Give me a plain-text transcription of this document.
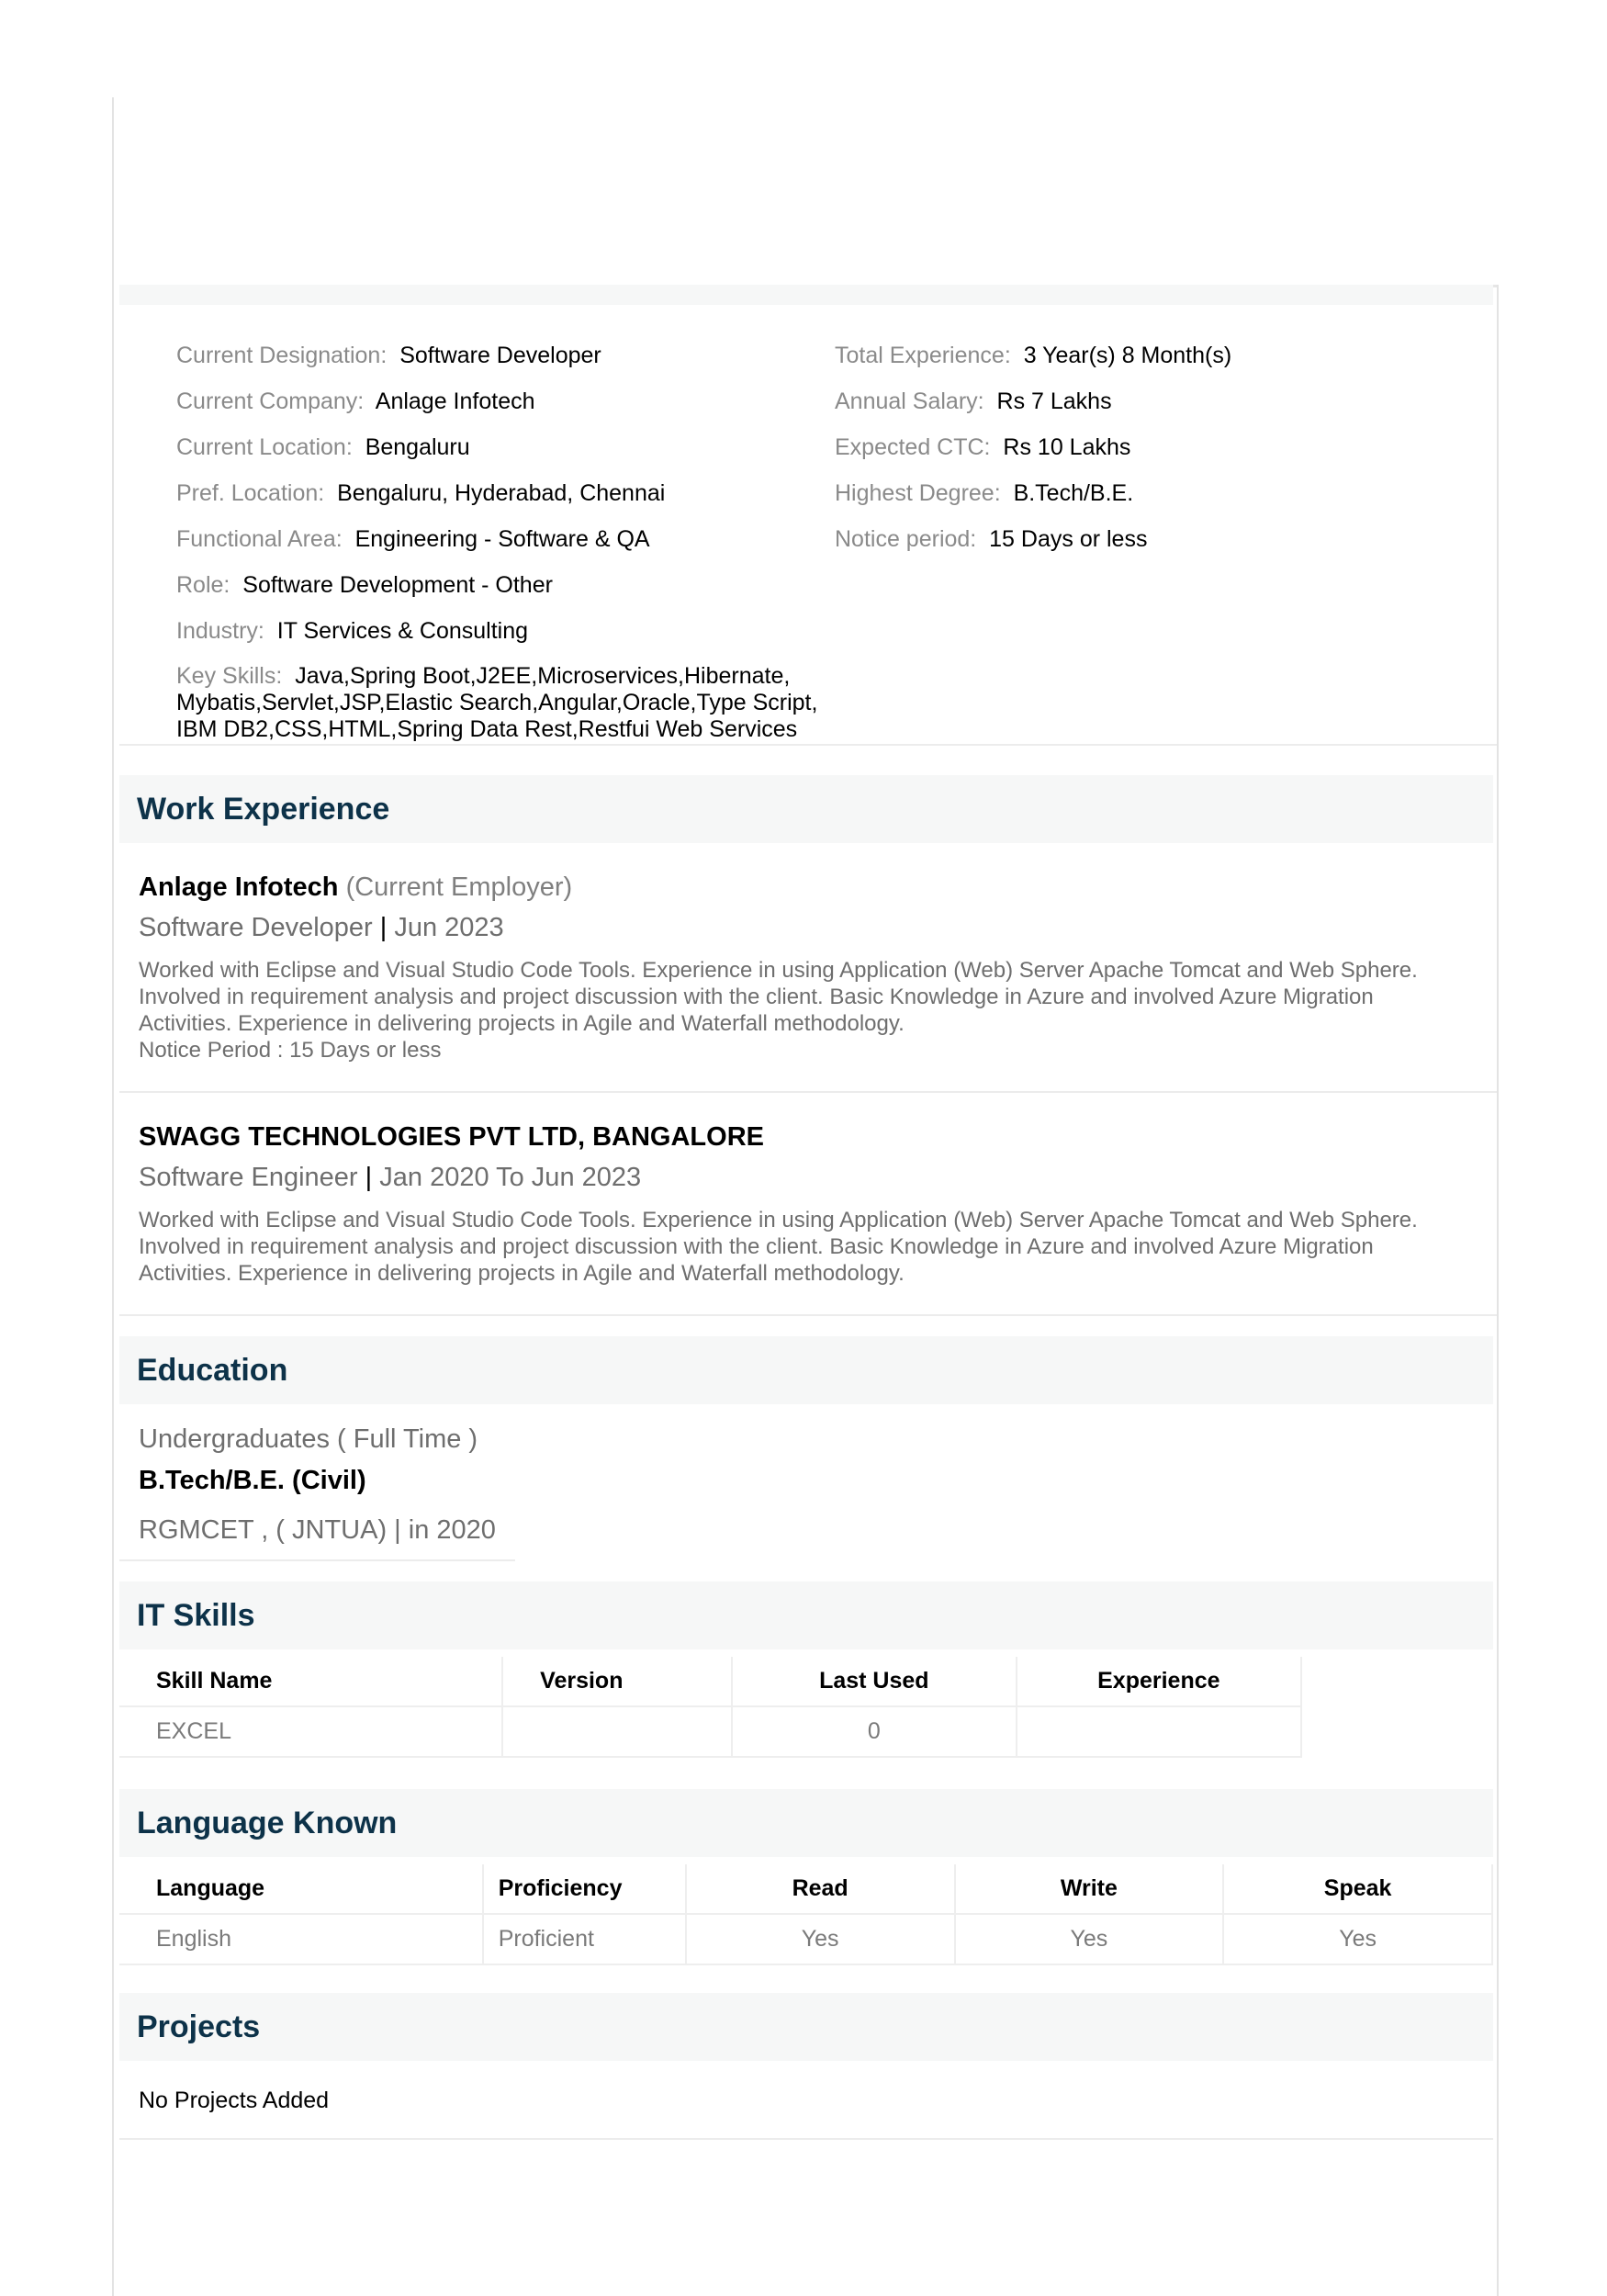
Current Designation: Software Developer
Current Company: Anlage Infotech
Current Location: Bengaluru
Pref. Location: Bengaluru, Hyderabad, Chennai
Functional Area: Engineering - Software & QA
Role: Software Development - Other
Industry: IT Services & Consulting
Key Skills: Java,Spring Boot,J2EE,Microservices,Hibernate, Mybatis,Servlet,JSP,Elastic Search,Angular,Oracle,Type Script, IBM DB2,CSS,HTML,Spring Data Rest,Restfui Web Services
Total Experience: 3 Year(s) 8 Month(s)
Annual Salary: Rs 7 Lakhs
Expected CTC: Rs 10 Lakhs
Highest Degree: B.Tech/B.E.
Notice period: 15 Days or less
Work Experience
Anlage Infotech (Current Employer)
Software Developer | Jun 2023
Worked with Eclipse and Visual Studio Code Tools. Experience in using Application (Web) Server Apache Tomcat and Web Sphere. Involved in requirement analysis and project discussion with the client. Basic Knowledge in Azure and involved Azure Migration Activities. Experience in delivering projects in Agile and Waterfall methodology.
Notice Period : 15 Days or less
SWAGG TECHNOLOGIES PVT LTD, BANGALORE
Software Engineer | Jan 2020 To Jun 2023
Worked with Eclipse and Visual Studio Code Tools. Experience in using Application (Web) Server Apache Tomcat and Web Sphere. Involved in requirement analysis and project discussion with the client. Basic Knowledge in Azure and involved Azure Migration Activities. Experience in delivering projects in Agile and Waterfall methodology.
Education
Undergraduates ( Full Time )
B.Tech/B.E. (Civil)
RGMCET , ( JNTUA) | in 2020
IT Skills
Skill Name	Version	Last Used	Experience
EXCEL		0	
Language Known
Language	Proficiency	Read	Write	Speak
English	Proficient	Yes	Yes	Yes
Projects
No Projects Added
